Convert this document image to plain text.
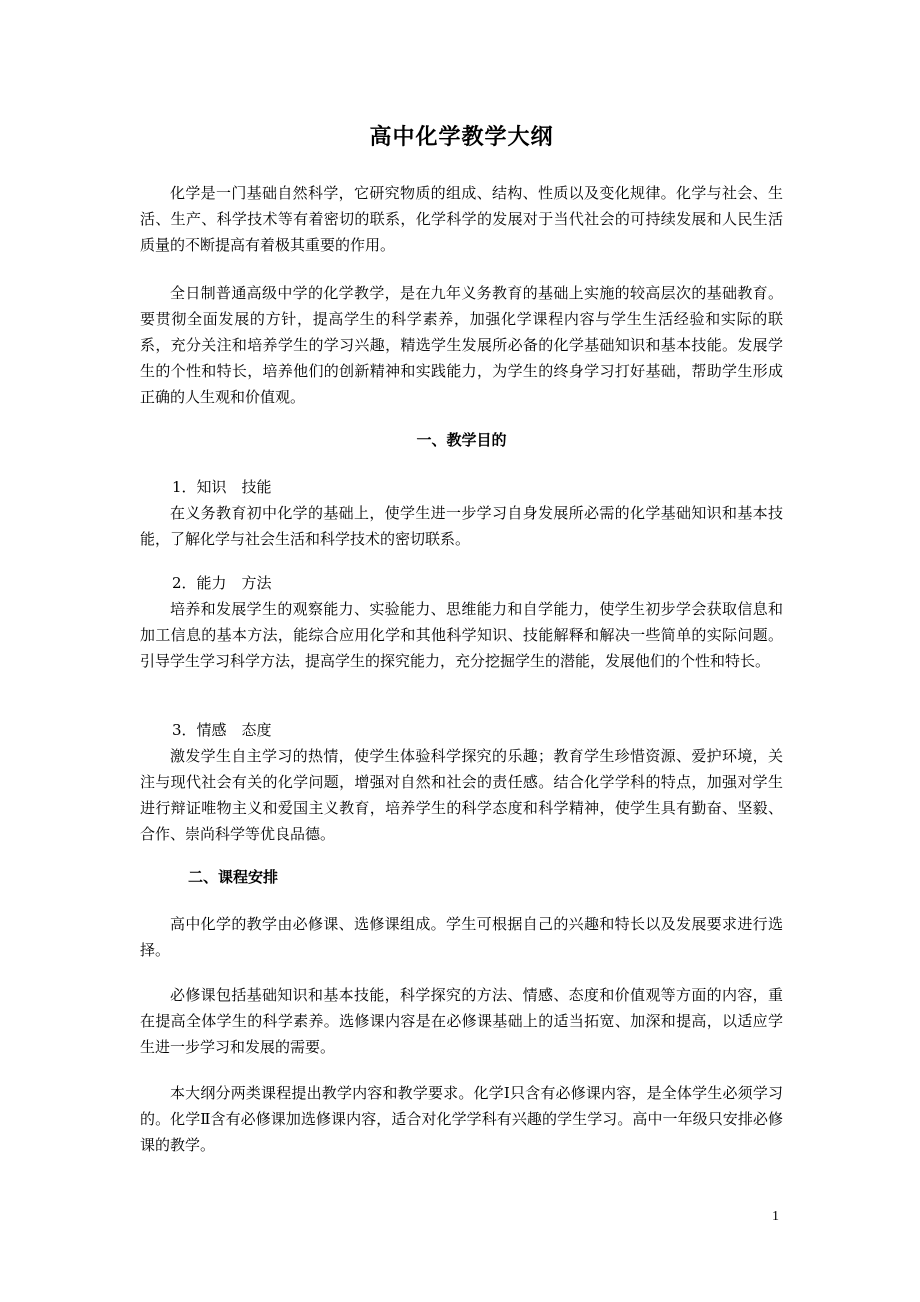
高中化学教学大纲

化学是一门基础自然科学，它研究物质的组成、结构、性质以及变化规律。化学与社会、生活、生产、科学技术等有着密切的联系，化学科学的发展对于当代社会的可持续发展和人民生活质量的不断提高有着极其重要的作用。

全日制普通高级中学的化学教学，是在九年义务教育的基础上实施的较高层次的基础教育。要贯彻全面发展的方针，提高学生的科学素养，加强化学课程内容与学生生活经验和实际的联系，充分关注和培养学生的学习兴趣，精选学生发展所必备的化学基础知识和基本技能。发展学生的个性和特长，培养他们的创新精神和实践能力，为学生的终身学习打好基础，帮助学生形成正确的人生观和价值观。

一、教学目的
1．知识　技能

在义务教育初中化学的基础上，使学生进一步学习自身发展所必需的化学基础知识和基本技能，了解化学与社会生活和科学技术的密切联系。

2．能力　方法

培养和发展学生的观察能力、实验能力、思维能力和自学能力，使学生初步学会获取信息和加工信息的基本方法，能综合应用化学和其他科学知识、技能解释和解决一些简单的实际问题。引导学生学习科学方法，提高学生的探究能力，充分挖掘学生的潜能，发展他们的个性和特长。

3．情感　态度

激发学生自主学习的热情，使学生体验科学探究的乐趣；教育学生珍惜资源、爱护环境，关注与现代社会有关的化学问题，增强对自然和社会的责任感。结合化学学科的特点，加强对学生进行辩证唯物主义和爱国主义教育，培养学生的科学态度和科学精神，使学生具有勤奋、坚毅、合作、崇尚科学等优良品德。

二、课程安排

高中化学的教学由必修课、选修课组成。学生可根据自己的兴趣和特长以及发展要求进行选择。

必修课包括基础知识和基本技能，科学探究的方法、情感、态度和价值观等方面的内容，重在提高全体学生的科学素养。选修课内容是在必修课基础上的适当拓宽、加深和提高，以适应学生进一步学习和发展的需要。

本大纲分两类课程提出教学内容和教学要求。化学Ⅰ只含有必修课内容，是全体学生必须学习的。化学Ⅱ含有必修课加选修课内容，适合对化学学科有兴趣的学生学习。高中一年级只安排必修课的教学。

1
